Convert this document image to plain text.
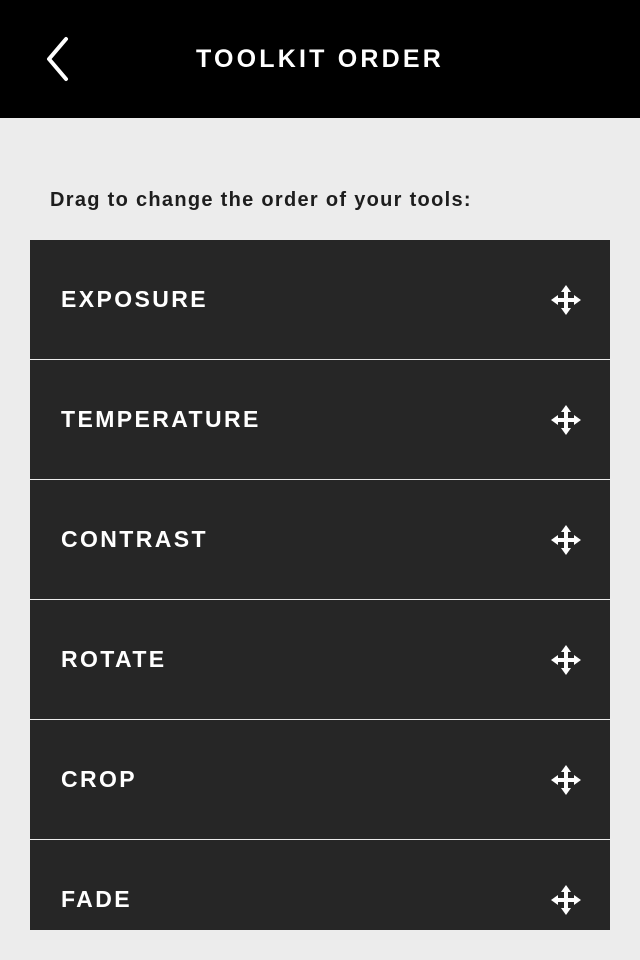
TOOLKIT ORDER
Drag to change the order of your tools:
EXPOSURE
TEMPERATURE
CONTRAST
ROTATE
CROP
FADE
